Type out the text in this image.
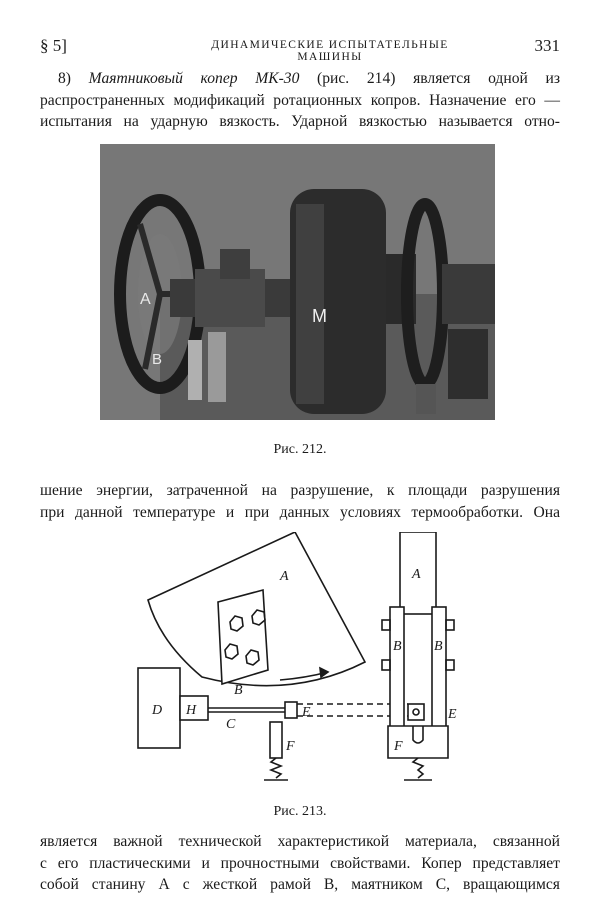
§ 5]	ДИНАМИЧЕСКИЕ ИСПЫТАТЕЛЬНЫЕ МАШИНЫ
331
8) Маятниковый копер МК-30 (рис. 214) является одной из
распространенных модификаций ротационных копров. Назначение его —
испытания на ударную вязкость. Ударной вязкостью называется отно-
А
В
М
Рис. 212.
шение энергии, затраченной на разрушение, к площади разрушения
при данной температуре и при данных условиях термообработки. Она
А
В
С
D Н	Е
F
А
В В
Е
F
Рис. 213.
является важной технической характеристикой материала, связанной
с его пластическими и прочностными свойствами. Копер представляет
собой станину А с жесткой рамой В, маятником С, вращающимся
